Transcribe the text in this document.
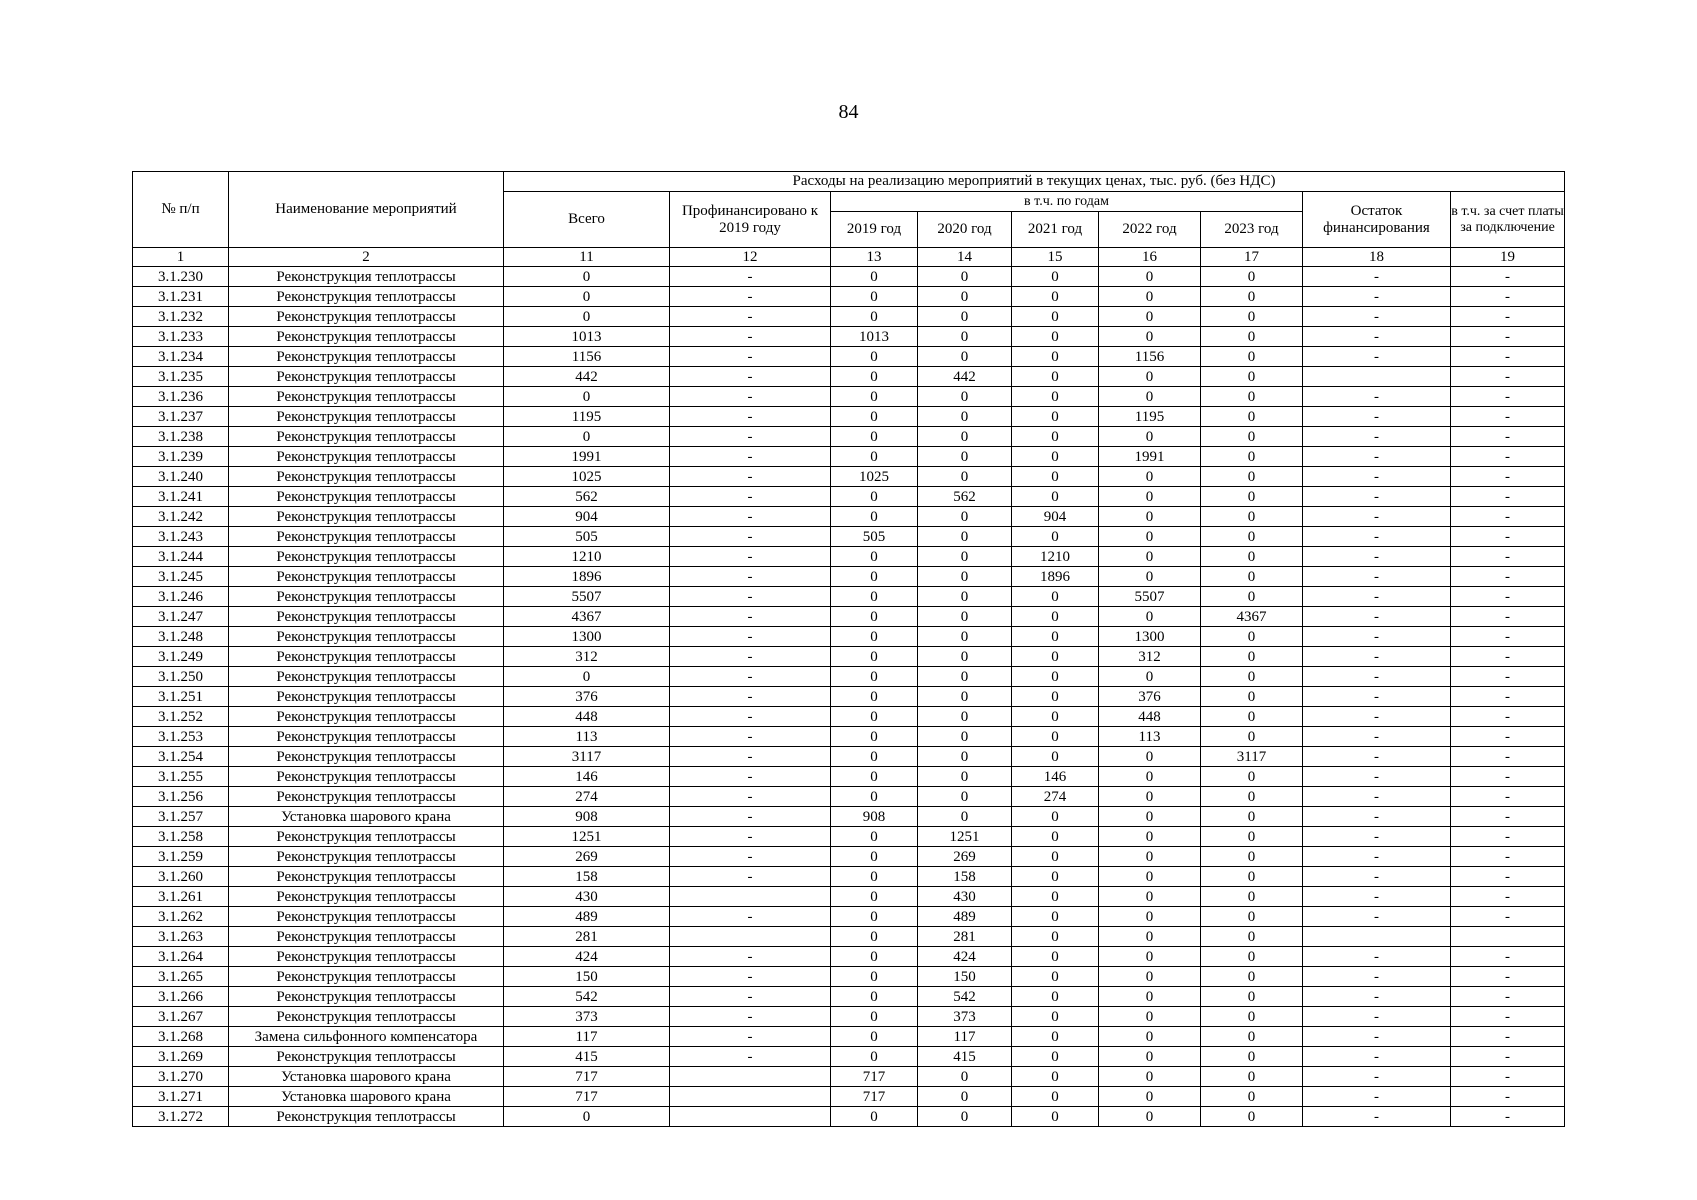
84
№ п/п	Наименование мероприятий	Расходы на реализацию мероприятий в текущих ценах, тыс. руб. (без НДС)								
		Всего	Профинансировано к 2019 году	в т.ч. по годам					Остаток финансирования	в т.ч. за счет платы за подключение
				2019 год	2020 год	2021 год	2022 год	2023 год		
1	2	11	12	13	14	15	16	17	18	19
3.1.230	Реконструкция теплотрассы	0	-	0	0	0	0	0	-	-
3.1.231	Реконструкция теплотрассы	0	-	0	0	0	0	0	-	-
3.1.232	Реконструкция теплотрассы	0	-	0	0	0	0	0	-	-
3.1.233	Реконструкция теплотрассы	1013	-	1013	0	0	0	0	-	-
3.1.234	Реконструкция теплотрассы	1156	-	0	0	0	1156	0	-	-
3.1.235	Реконструкция теплотрассы	442	-	0	442	0	0	0		-
3.1.236	Реконструкция теплотрассы	0	-	0	0	0	0	0	-	-
3.1.237	Реконструкция теплотрассы	1195	-	0	0	0	1195	0	-	-
3.1.238	Реконструкция теплотрассы	0	-	0	0	0	0	0	-	-
3.1.239	Реконструкция теплотрассы	1991	-	0	0	0	1991	0	-	-
3.1.240	Реконструкция теплотрассы	1025	-	1025	0	0	0	0	-	-
3.1.241	Реконструкция теплотрассы	562	-	0	562	0	0	0	-	-
3.1.242	Реконструкция теплотрассы	904	-	0	0	904	0	0	-	-
3.1.243	Реконструкция теплотрассы	505	-	505	0	0	0	0	-	-
3.1.244	Реконструкция теплотрассы	1210	-	0	0	1210	0	0	-	-
3.1.245	Реконструкция теплотрассы	1896	-	0	0	1896	0	0	-	-
3.1.246	Реконструкция теплотрассы	5507	-	0	0	0	5507	0	-	-
3.1.247	Реконструкция теплотрассы	4367	-	0	0	0	0	4367	-	-
3.1.248	Реконструкция теплотрассы	1300	-	0	0	0	1300	0	-	-
3.1.249	Реконструкция теплотрассы	312	-	0	0	0	312	0	-	-
3.1.250	Реконструкция теплотрассы	0	-	0	0	0	0	0	-	-
3.1.251	Реконструкция теплотрассы	376	-	0	0	0	376	0	-	-
3.1.252	Реконструкция теплотрассы	448	-	0	0	0	448	0	-	-
3.1.253	Реконструкция теплотрассы	113	-	0	0	0	113	0	-	-
3.1.254	Реконструкция теплотрассы	3117	-	0	0	0	0	3117	-	-
3.1.255	Реконструкция теплотрассы	146	-	0	0	146	0	0	-	-
3.1.256	Реконструкция теплотрассы	274	-	0	0	274	0	0	-	-
3.1.257	Установка шарового крана	908	-	908	0	0	0	0	-	-
3.1.258	Реконструкция теплотрассы	1251	-	0	1251	0	0	0	-	-
3.1.259	Реконструкция теплотрассы	269	-	0	269	0	0	0	-	-
3.1.260	Реконструкция теплотрассы	158	-	0	158	0	0	0	-	-
3.1.261	Реконструкция теплотрассы	430		0	430	0	0	0	-	-
3.1.262	Реконструкция теплотрассы	489	-	0	489	0	0	0	-	-
3.1.263	Реконструкция теплотрассы	281		0	281	0	0	0		
3.1.264	Реконструкция теплотрассы	424	-	0	424	0	0	0	-	-
3.1.265	Реконструкция теплотрассы	150	-	0	150	0	0	0	-	-
3.1.266	Реконструкция теплотрассы	542	-	0	542	0	0	0	-	-
3.1.267	Реконструкция теплотрассы	373	-	0	373	0	0	0	-	-
3.1.268	Замена сильфонного компенсатора	117	-	0	117	0	0	0	-	-
3.1.269	Реконструкция теплотрассы	415	-	0	415	0	0	0	-	-
3.1.270	Установка шарового крана	717		717	0	0	0	0	-	-
3.1.271	Установка шарового крана	717		717	0	0	0	0	-	-
3.1.272	Реконструкция теплотрассы	0		0	0	0	0	0	-	-
